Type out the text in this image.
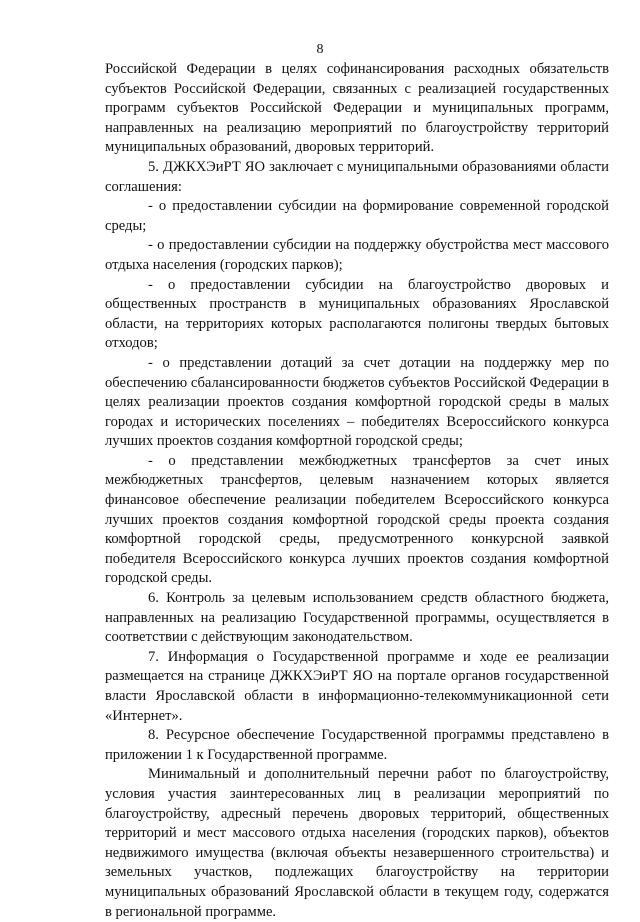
8

Российской Федерации в целях софинансирования расходных обязательств субъектов Российской Федерации, связанных с реализацией государственных программ субъектов Российской Федерации и муниципальных программ, направленных на реализацию мероприятий по благоустройству территорий муниципальных образований, дворовых территорий.

5. ДЖКХЭиРТ ЯО заключает с муниципальными образованиями области соглашения:

- о предоставлении субсидии на формирование современной городской среды;

- о предоставлении субсидии на поддержку обустройства мест массового отдыха населения (городских парков);

- о предоставлении субсидии на благоустройство дворовых и общественных пространств в муниципальных образованиях Ярославской области, на территориях которых располагаются полигоны твердых бытовых отходов;

- о представлении дотаций за счет дотации на поддержку мер по обеспечению сбалансированности бюджетов субъектов Российской Федерации в целях реализации проектов создания комфортной городской среды в малых городах и исторических поселениях – победителях Всероссийского конкурса лучших проектов создания комфортной городской среды;

- о представлении межбюджетных трансфертов за счет иных межбюджетных трансфертов, целевым назначением которых является финансовое обеспечение реализации победителем Всероссийского конкурса лучших проектов создания комфортной городской среды проекта создания комфортной городской среды, предусмотренного конкурсной заявкой победителя Всероссийского конкурса лучших проектов создания комфортной городской среды.

6. Контроль за целевым использованием средств областного бюджета, направленных на реализацию Государственной программы, осуществляется в соответствии с действующим законодательством.

7. Информация о Государственной программе и ходе ее реализации размещается на странице ДЖКХЭиРТ ЯО на портале органов государственной власти Ярославской области в информационно-телекоммуникационной сети «Интернет».

8. Ресурсное обеспечение Государственной программы представлено в приложении 1 к Государственной программе.

Минимальный и дополнительный перечни работ по благоустройству, условия участия заинтересованных лиц в реализации мероприятий по благоустройству, адресный перечень дворовых территорий, общественных территорий и мест массового отдыха населения (городских парков), объектов недвижимого имущества (включая объекты незавершенного строительства) и земельных участков, подлежащих благоустройству на территории муниципальных образований Ярославской области в текущем году, содержатся в региональной программе.
